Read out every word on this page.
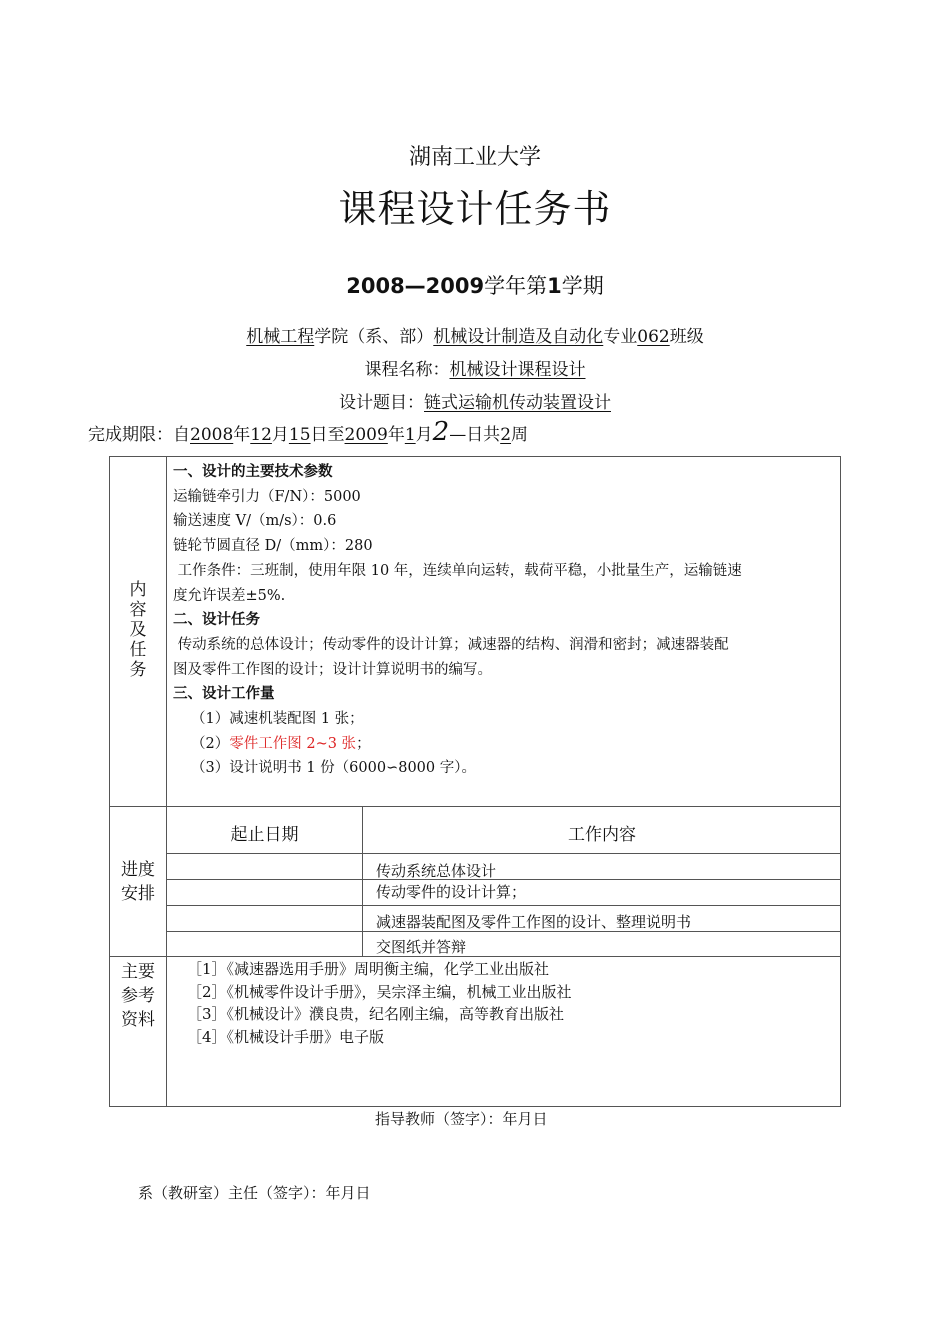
湖南工业大学
课程设计任务书
2008—2009学年第1学期
机械工程学院（系、部）机械设计制造及自动化专业062班级
课程名称：机械设计课程设计
设计题目：链式运输机传动装置设计
完成期限：自2008年12月15日至2009年1月2—日共2周
内
容
及
任
务
一、设计的主要技术参数
运输链牵引力（F/N）：5000
输送速度 V/（m/s）：0.6
链轮节圆直径 D/（mm）：280
工作条件：三班制，使用年限 10 年，连续单向运转，载荷平稳，小批量生产，运输链速
度允许误差±5%.
二、设计任务
传动系统的总体设计；传动零件的设计计算；减速器的结构、润滑和密封；减速器装配
图及零件工作图的设计；设计计算说明书的编写。
三、设计工作量
（1）减速机装配图 1 张；
（2）零件工作图 2~3 张；
（3）设计说明书 1 份（6000∽8000 字）。
进度
安排
起止日期	工作内容
传动系统总体设计
传动零件的设计计算；
减速器装配图及零件工作图的设计、整理说明书
交图纸并答辩
主要
参考
资料
［1］《减速器选用手册》周明衡主编，化学工业出版社
［2］《机械零件设计手册》，吴宗泽主编，机械工业出版社
［3］《机械设计》濮良贵，纪名刚主编，高等教育出版社
［4］《机械设计手册》电子版
指导教师（签字）：年月日
系（教研室）主任（签字）：年月日
